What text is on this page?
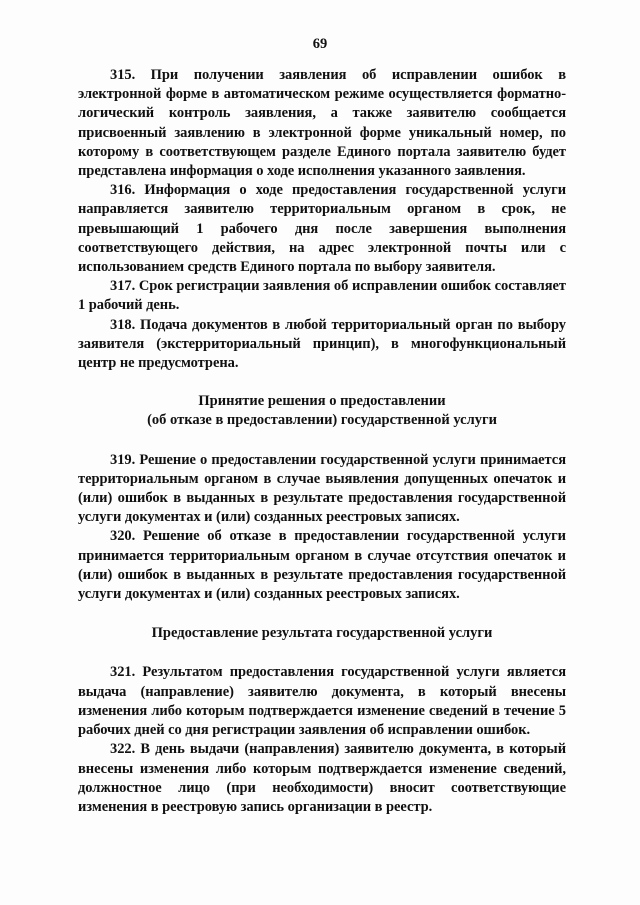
69

315. При получении заявления об исправлении ошибок в электронной форме в автоматическом режиме осуществляется форматно-логический контроль заявления, а также заявителю сообщается присвоенный заявлению в электронной форме уникальный номер, по которому в соответствующем разделе Единого портала заявителю будет представлена информация о ходе исполнения указанного заявления.

316. Информация о ходе предоставления государственной услуги направляется заявителю территориальным органом в срок, не превышающий 1 рабочего дня после завершения выполнения соответствующего действия, на адрес электронной почты или с использованием средств Единого портала по выбору заявителя.

317. Срок регистрации заявления об исправлении ошибок составляет 1 рабочий день.

318. Подача документов в любой территориальный орган по выбору заявителя (экстерриториальный принцип), в многофункциональный центр не предусмотрена.

Принятие решения о предоставлении

(об отказе в предоставлении) государственной услуги

319. Решение о предоставлении государственной услуги принимается территориальным органом в случае выявления допущенных опечаток и (или) ошибок в выданных в результате предоставления государственной услуги документах и (или) созданных реестровых записях.

320. Решение об отказе в предоставлении государственной услуги принимается территориальным органом в случае отсутствия опечаток и (или) ошибок в выданных в результате предоставления государственной услуги документах и (или) созданных реестровых записях.

Предоставление результата государственной услуги

321. Результатом предоставления государственной услуги является выдача (направление) заявителю документа, в который внесены изменения либо которым подтверждается изменение сведений в течение 5 рабочих дней со дня регистрации заявления об исправлении ошибок.

322. В день выдачи (направления) заявителю документа, в который внесены изменения либо которым подтверждается изменение сведений, должностное лицо (при необходимости) вносит соответствующие изменения в реестровую запись организации в реестр.
